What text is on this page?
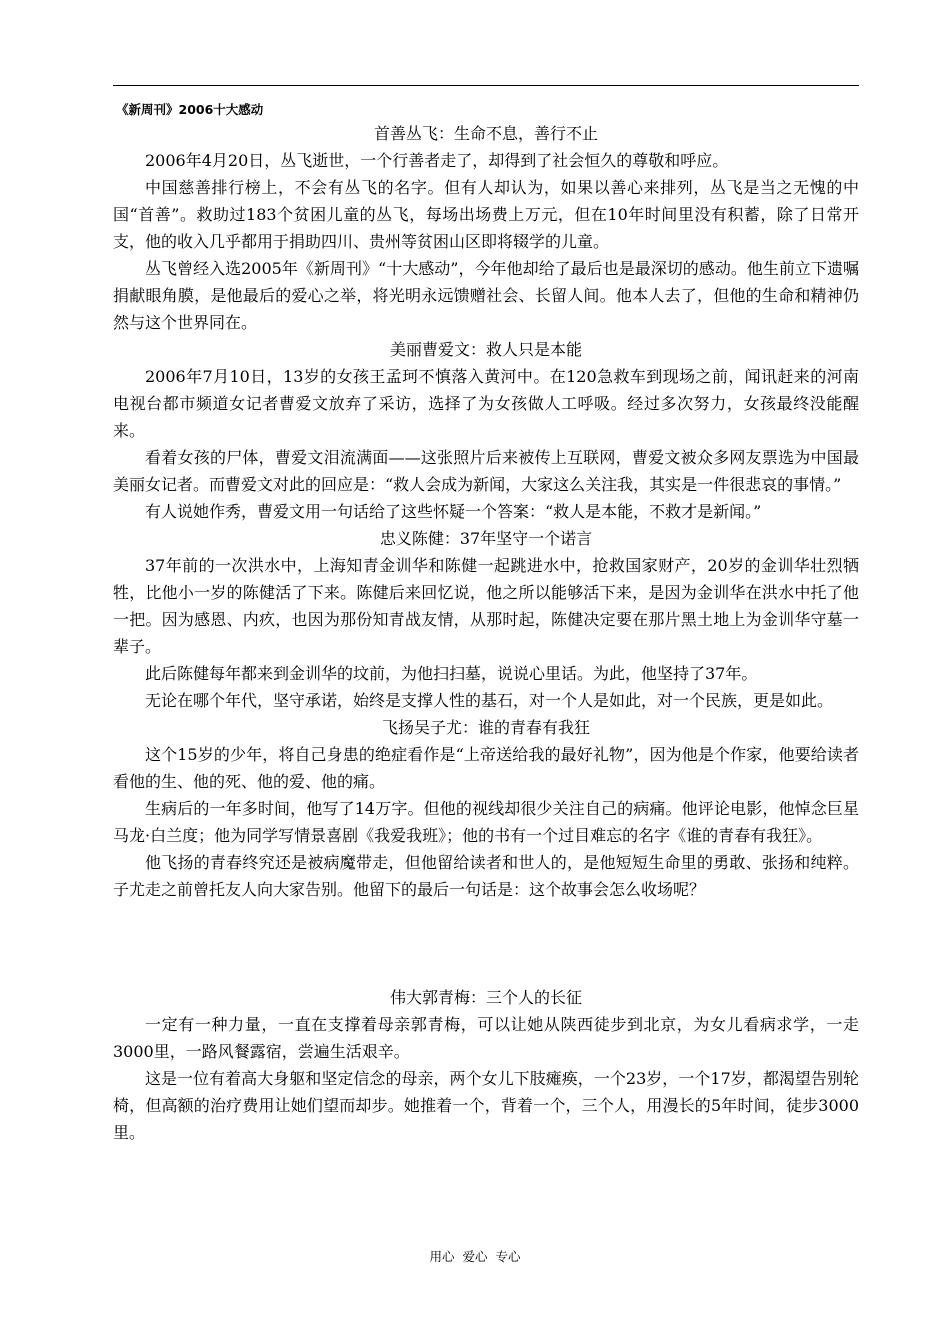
《新周刊》2006十大感动
首善丛飞：生命不息，善行不止

2006年4月20日，丛飞逝世，一个行善者走了，却得到了社会恒久的尊敬和呼应。

中国慈善排行榜上，不会有丛飞的名字。但有人却认为，如果以善心来排列，丛飞是当之无愧的中国“首善”。救助过183个贫困儿童的丛飞，每场出场费上万元，但在10年时间里没有积蓄，除了日常开支，他的收入几乎都用于捐助四川、贵州等贫困山区即将辍学的儿童。

丛飞曾经入选2005年《新周刊》“十大感动”，今年他却给了最后也是最深切的感动。他生前立下遗嘱捐献眼角膜，是他最后的爱心之举，将光明永远馈赠社会、长留人间。他本人去了，但他的生命和精神仍然与这个世界同在。

美丽曹爱文：救人只是本能

2006年7月10日，13岁的女孩王孟珂不慎落入黄河中。在120急救车到现场之前，闻讯赶来的河南电视台都市频道女记者曹爱文放弃了采访，选择了为女孩做人工呼吸。经过多次努力，女孩最终没能醒来。

看着女孩的尸体，曹爱文泪流满面——这张照片后来被传上互联网，曹爱文被众多网友票选为中国最美丽女记者。而曹爱文对此的回应是：“救人会成为新闻，大家这么关注我，其实是一件很悲哀的事情。”

有人说她作秀，曹爱文用一句话给了这些怀疑一个答案：“救人是本能，不救才是新闻。”

忠义陈健：37年坚守一个诺言

37年前的一次洪水中，上海知青金训华和陈健一起跳进水中，抢救国家财产，20岁的金训华壮烈牺牲，比他小一岁的陈健活了下来。陈健后来回忆说，他之所以能够活下来，是因为金训华在洪水中托了他一把。因为感恩、内疚，也因为那份知青战友情，从那时起，陈健决定要在那片黑土地上为金训华守墓一辈子。

此后陈健每年都来到金训华的坟前，为他扫扫墓，说说心里话。为此，他坚持了37年。

无论在哪个年代，坚守承诺，始终是支撑人性的基石，对一个人是如此，对一个民族，更是如此。

飞扬吴子尤：谁的青春有我狂

这个15岁的少年，将自己身患的绝症看作是“上帝送给我的最好礼物”，因为他是个作家，他要给读者看他的生、他的死、他的爱、他的痛。

生病后的一年多时间，他写了14万字。但他的视线却很少关注自己的病痛。他评论电影，他悼念巨星马龙·白兰度；他为同学写情景喜剧《我爱我班》；他的书有一个过目难忘的名字《谁的青春有我狂》。

他飞扬的青春终究还是被病魔带走，但他留给读者和世人的，是他短短生命里的勇敢、张扬和纯粹。子尤走之前曾托友人向大家告别。他留下的最后一句话是：这个故事会怎么收场呢？

伟大郭青梅：三个人的长征

一定有一种力量，一直在支撑着母亲郭青梅，可以让她从陕西徒步到北京，为女儿看病求学，一走3000里，一路风餐露宿，尝遍生活艰辛。

这是一位有着高大身躯和坚定信念的母亲，两个女儿下肢瘫痪，一个23岁，一个17岁，都渴望告别轮椅，但高额的治疗费用让她们望而却步。她推着一个，背着一个，三个人，用漫长的5年时间，徒步3000里。

用心  爱心  专心
